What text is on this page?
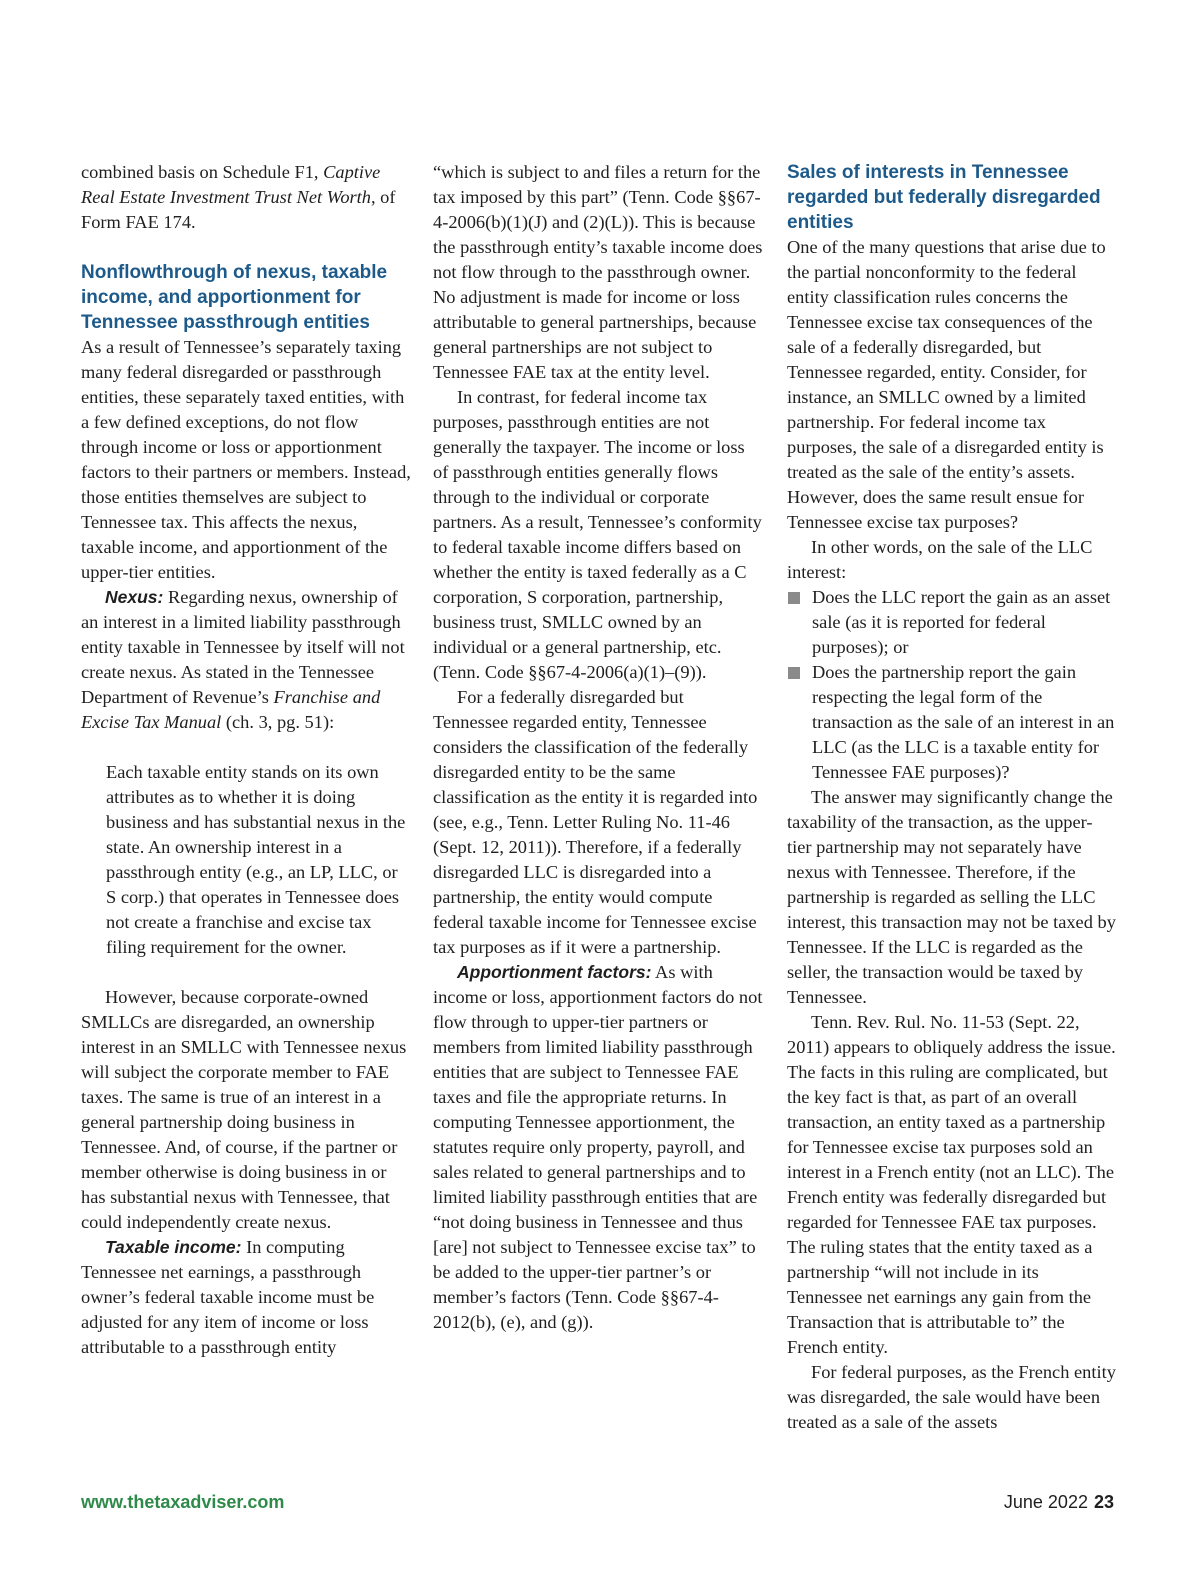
combined basis on Schedule F1, Captive Real Estate Investment Trust Net Worth, of Form FAE 174.

Nonflowthrough of nexus, taxable income, and apportionment for Tennessee passthrough entities

As a result of Tennessee’s separately taxing many federal disregarded or passthrough entities, these separately taxed entities, with a few defined exceptions, do not flow through income or loss or apportionment factors to their partners or members. Instead, those entities themselves are subject to Tennessee tax. This affects the nexus, taxable income, and apportionment of the upper-tier entities.

Nexus: Regarding nexus, ownership of an interest in a limited liability passthrough entity taxable in Tennessee by itself will not create nexus. As stated in the Tennessee Department of Revenue’s Franchise and Excise Tax Manual (ch. 3, pg. 51):

Each taxable entity stands on its own attributes as to whether it is doing business and has substantial nexus in the state. An ownership interest in a passthrough entity (e.g., an LP, LLC, or S corp.) that operates in Tennessee does not create a franchise and excise tax filing requirement for the owner.

However, because corporate-owned SMLLCs are disregarded, an ownership interest in an SMLLC with Tennessee nexus will subject the corporate member to FAE taxes. The same is true of an interest in a general partnership doing business in Tennessee. And, of course, if the partner or member otherwise is doing business in or has substantial nexus with Tennessee, that could independently create nexus.

Taxable income: In computing Tennessee net earnings, a passthrough owner’s federal taxable income must be adjusted for any item of income or loss attributable to a passthrough entity

“which is subject to and files a return for the tax imposed by this part” (Tenn. Code §§67-4-2006(b)(1)(J) and (2)(L)). This is because the passthrough entity’s taxable income does not flow through to the passthrough owner. No adjustment is made for income or loss attributable to general partnerships, because general partnerships are not subject to Tennessee FAE tax at the entity level.

In contrast, for federal income tax purposes, passthrough entities are not generally the taxpayer. The income or loss of passthrough entities generally flows through to the individual or corporate partners. As a result, Tennessee’s conformity to federal taxable income differs based on whether the entity is taxed federally as a C corporation, S corporation, partnership, business trust, SMLLC owned by an individual or a general partnership, etc. (Tenn. Code §§67-4-2006(a)(1)–(9)).

For a federally disregarded but Tennessee regarded entity, Tennessee considers the classification of the federally disregarded entity to be the same classification as the entity it is regarded into (see, e.g., Tenn. Letter Ruling No. 11-46 (Sept. 12, 2011)). Therefore, if a federally disregarded LLC is disregarded into a partnership, the entity would compute federal taxable income for Tennessee excise tax purposes as if it were a partnership.

Apportionment factors: As with income or loss, apportionment factors do not flow through to upper-tier partners or members from limited liability passthrough entities that are subject to Tennessee FAE taxes and file the appropriate returns. In computing Tennessee apportionment, the statutes require only property, payroll, and sales related to general partnerships and to limited liability passthrough entities that are “not doing business in Tennessee and thus [are] not subject to Tennessee excise tax” to be added to the upper-tier partner’s or member’s factors (Tenn. Code §§67-4-2012(b), (e), and (g)).

Sales of interests in Tennessee regarded but federally disregarded entities

One of the many questions that arise due to the partial nonconformity to the federal entity classification rules concerns the Tennessee excise tax consequences of the sale of a federally disregarded, but Tennessee regarded, entity. Consider, for instance, an SMLLC owned by a limited partnership. For federal income tax purposes, the sale of a disregarded entity is treated as the sale of the entity’s assets. However, does the same result ensue for Tennessee excise tax purposes?

In other words, on the sale of the LLC interest:

Does the LLC report the gain as an asset sale (as it is reported for federal purposes); or
Does the partnership report the gain respecting the legal form of the transaction as the sale of an interest in an LLC (as the LLC is a taxable entity for Tennessee FAE purposes)?

The answer may significantly change the taxability of the transaction, as the upper-tier partnership may not separately have nexus with Tennessee. Therefore, if the partnership is regarded as selling the LLC interest, this transaction may not be taxed by Tennessee. If the LLC is regarded as the seller, the transaction would be taxed by Tennessee.

Tenn. Rev. Rul. No. 11-53 (Sept. 22, 2011) appears to obliquely address the issue. The facts in this ruling are complicated, but the key fact is that, as part of an overall transaction, an entity taxed as a partnership for Tennessee excise tax purposes sold an interest in a French entity (not an LLC). The French entity was federally disregarded but regarded for Tennessee FAE tax purposes. The ruling states that the entity taxed as a partnership “will not include in its Tennessee net earnings any gain from the Transaction that is attributable to” the French entity.

For federal purposes, as the French entity was disregarded, the sale would have been treated as a sale of the assets

www.thetaxadviser.com	June 2022 23
